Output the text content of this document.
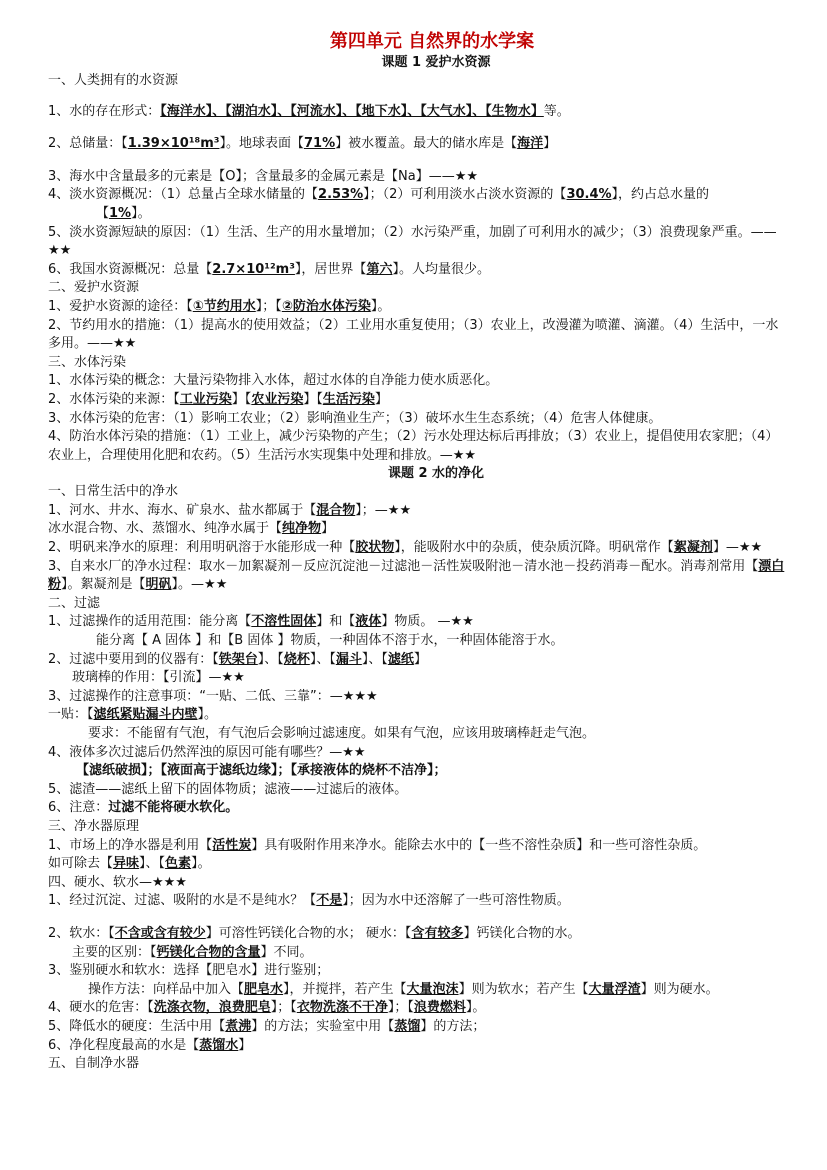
第四单元 自然界的水学案
课题 1 爱护水资源
一、人类拥有的水资源
1、水的存在形式：【海洋水】、【湖泊水】、【河流水】、【地下水】、【大气水】、【生物水】等。
2、总储量：【1.39×10¹⁸m³】。地球表面【71%】被水覆盖。最大的储水库是【海洋】
3、海水中含量最多的元素是【O】；含量最多的金属元素是【Na】——★★
4、淡水资源概况：（1）总量占全球水储量的【2.53%】；（2）可利用淡水占淡水资源的【30.4%】，约占总水量的
【1%】。
5、淡水资源短缺的原因：（1）生活、生产的用水量增加；（2）水污染严重，加剧了可利用水的减少；（3）浪费现象严重。——★★
6、我国水资源概况：总量【2.7×10¹²m³】，居世界【第六】。人均量很少。
二、爱护水资源
1、爱护水资源的途径：【①节约用水】；【②防治水体污染】。
2、节约用水的措施：（1）提高水的使用效益；（2）工业用水重复使用；（3）农业上，改漫灌为喷灌、滴灌。（4）生活中，一水多用。——★★
三、水体污染
1、水体污染的概念：大量污染物排入水体，超过水体的自净能力使水质恶化。
2、水体污染的来源：【工业污染】【农业污染】【生活污染】
3、水体污染的危害：（1）影响工农业；（2）影响渔业生产；（3）破坏水生生态系统；（4）危害人体健康。
4、防治水体污染的措施：（1）工业上，减少污染物的产生；（2）污水处理达标后再排放；（3）农业上，提倡使用农家肥；（4）农业上，合理使用化肥和农药。（5）生活污水实现集中处理和排放。—★★
课题 2 水的净化
一、日常生活中的净水
1、河水、井水、海水、矿泉水、盐水都属于【混合物】；—★★
冰水混合物、水、蒸馏水、纯净水属于【纯净物】
2、明矾来净水的原理：利用明矾溶于水能形成一种【胶状物】，能吸附水中的杂质，使杂质沉降。明矾常作【絮凝剂】—★★
3、自来水厂的净水过程：取水－加絮凝剂－反应沉淀池－过滤池－活性炭吸附池－清水池－投药消毒－配水。消毒剂常用【漂白粉】。絮凝剂是【明矾】。—★★
二、过滤
1、过滤操作的适用范围：能分离【不溶性固体】和【液体】物质。 —★★
能分离【 A 固体 】和【B 固体 】物质，一种固体不溶于水，一种固体能溶于水。
2、过滤中要用到的仪器有：【铁架台】、【烧杯】、【漏斗】、【滤纸】
玻璃棒的作用：【引流】—★★
3、过滤操作的注意事项：“一贴、二低、三靠”：—★★★
一贴：【滤纸紧贴漏斗内壁】。
要求：不能留有气泡，有气泡后会影响过滤速度。如果有气泡，应该用玻璃棒赶走气泡。
4、液体多次过滤后仍然浑浊的原因可能有哪些？—★★
【滤纸破损】；【液面高于滤纸边缘】；【承接液体的烧杯不洁净】；
5、滤渣——滤纸上留下的固体物质；滤液——过滤后的液体。
6、注意：过滤不能将硬水软化。
三、净水器原理
1、市场上的净水器是利用【活性炭】具有吸附作用来净水。能除去水中的【一些不溶性杂质】和一些可溶性杂质。
如可除去【异味】、【色素】。
四、硬水、软水—★★★
1、经过沉淀、过滤、吸附的水是不是纯水？【不是】；因为水中还溶解了一些可溶性物质。
2、软水：【不含或含有较少】可溶性钙镁化合物的水； 硬水：【含有较多】钙镁化合物的水。
主要的区别：【钙镁化合物的含量】不同。
3、鉴别硬水和软水：选择【肥皂水】进行鉴别；
操作方法：向样品中加入【肥皂水】，并搅拌，若产生【大量泡沫】则为软水；若产生【大量浮渣】则为硬水。
4、硬水的危害：【洗涤衣物，浪费肥皂】；【衣物洗涤不干净】；【浪费燃料】。
5、降低水的硬度：生活中用【煮沸】的方法；实验室中用【蒸馏】的方法；
6、净化程度最高的水是【蒸馏水】
五、自制净水器
